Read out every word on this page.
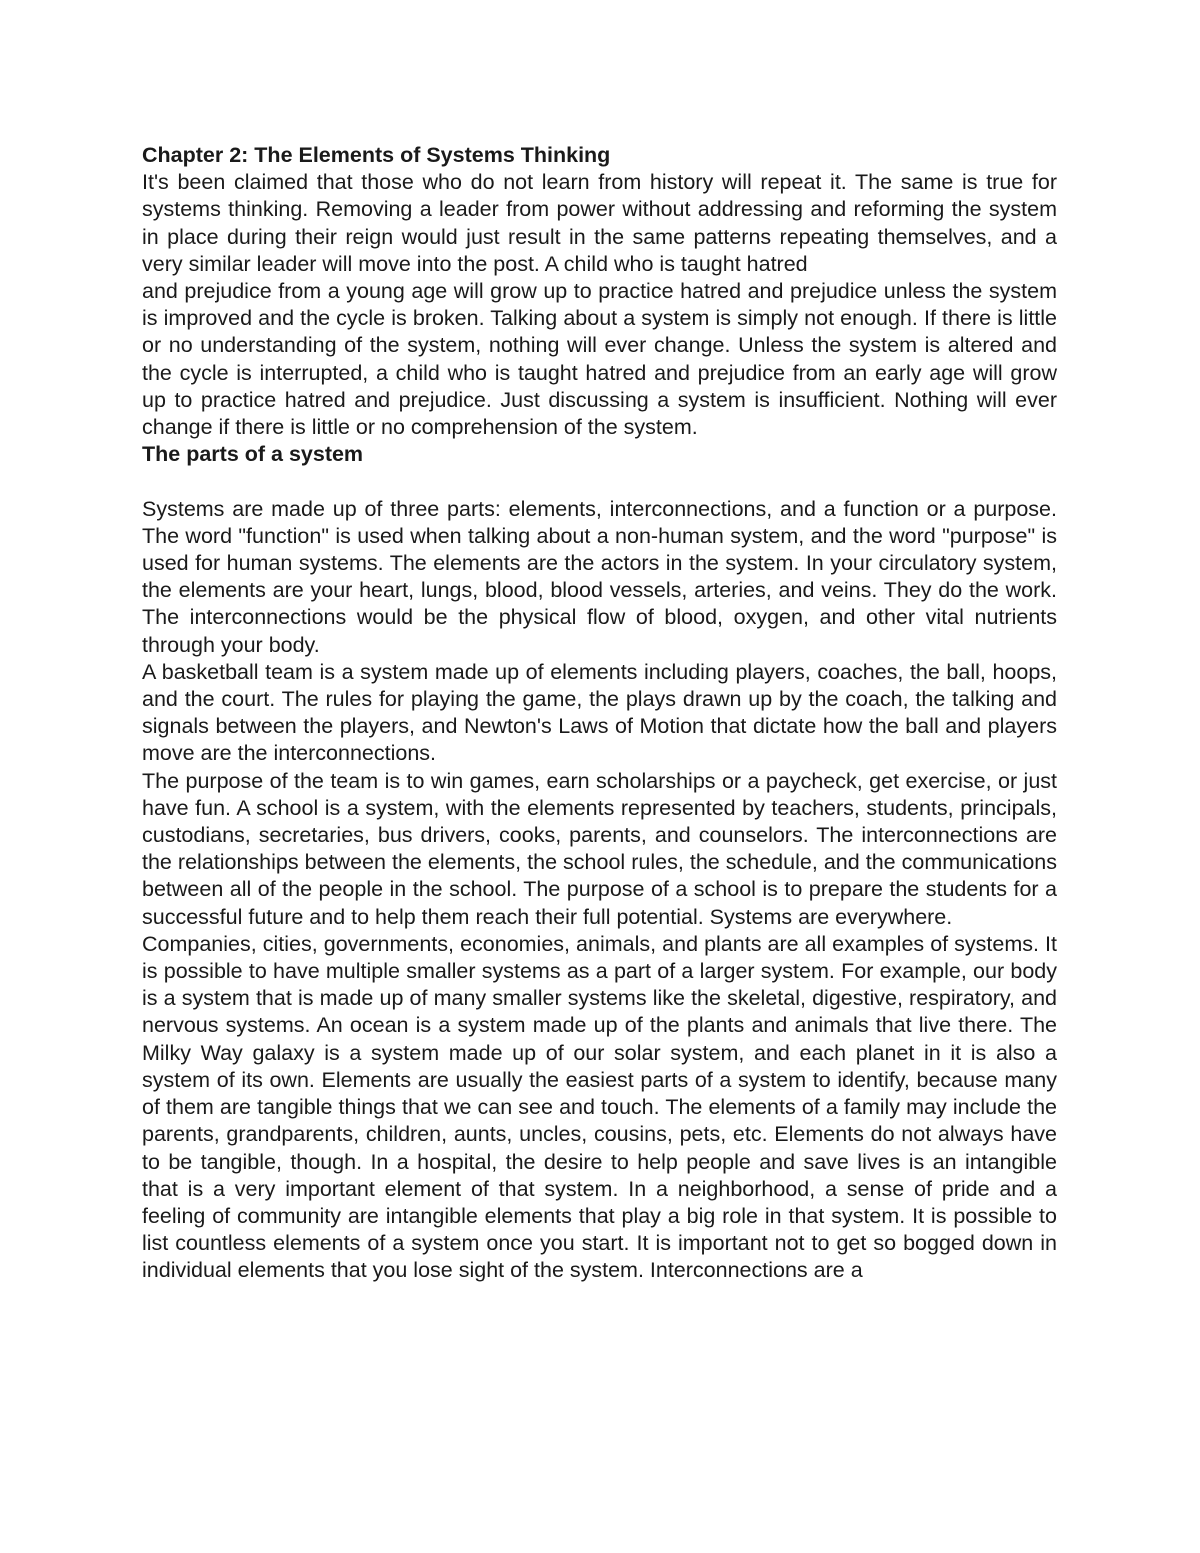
Chapter 2: The Elements of Systems Thinking

It's been claimed that those who do not learn from history will repeat it. The same is true for systems thinking. Removing a leader from power without addressing and reforming the system in place during their reign would just result in the same patterns repeating themselves, and a very similar leader will move into the post. A child who is taught hatred

and prejudice from a young age will grow up to practice hatred and prejudice unless the system is improved and the cycle is broken. Talking about a system is simply not enough. If there is little or no understanding of the system, nothing will ever change. Unless the system is altered and the cycle is interrupted, a child who is taught hatred and prejudice from an early age will grow up to practice hatred and prejudice. Just discussing a system is insufficient. Nothing will ever change if there is little or no comprehension of the system.

The parts of a system

Systems are made up of three parts: elements, interconnections, and a function or a purpose. The word "function" is used when talking about a non-human system, and the word "purpose" is used for human systems. The elements are the actors in the system. In your circulatory system, the elements are your heart, lungs, blood, blood vessels, arteries, and veins. They do the work. The interconnections would be the physical flow of blood, oxygen, and other vital nutrients through your body.

A basketball team is a system made up of elements including players, coaches, the ball, hoops, and the court. The rules for playing the game, the plays drawn up by the coach, the talking and signals between the players, and Newton's Laws of Motion that dictate how the ball and players move are the interconnections.

The purpose of the team is to win games, earn scholarships or a paycheck, get exercise, or just have fun. A school is a system, with the elements represented by teachers, students, principals, custodians, secretaries, bus drivers, cooks, parents, and counselors. The interconnections are the relationships between the elements, the school rules, the schedule, and the communications between all of the people in the school. The purpose of a school is to prepare the students for a successful future and to help them reach their full potential. Systems are everywhere.

Companies, cities, governments, economies, animals, and plants are all examples of systems. It is possible to have multiple smaller systems as a part of a larger system. For example, our body is a system that is made up of many smaller systems like the skeletal, digestive, respiratory, and nervous systems. An ocean is a system made up of the plants and animals that live there. The Milky Way galaxy is a system made up of our solar system, and each planet in it is also a system of its own. Elements are usually the easiest parts of a system to identify, because many of them are tangible things that we can see and touch. The elements of a family may include the parents, grandparents, children, aunts, uncles, cousins, pets, etc. Elements do not always have to be tangible, though. In a hospital, the desire to help people and save lives is an intangible that is a very important element of that system. In a neighborhood, a sense of pride and a feeling of community are intangible elements that play a big role in that system. It is possible to list countless elements of a system once you start. It is important not to get so bogged down in individual elements that you lose sight of the system. Interconnections are a
